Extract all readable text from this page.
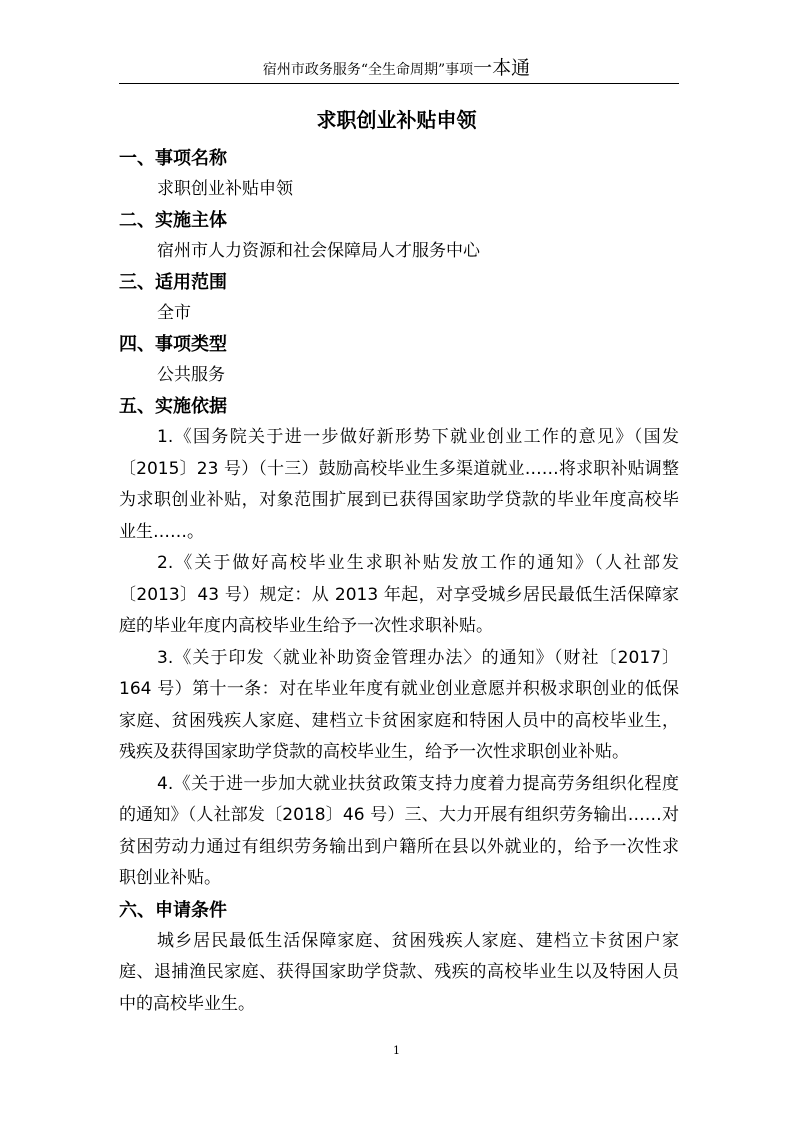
宿州市政务服务“全生命周期”事项一本通
求职创业补贴申领

一、事项名称

求职创业补贴申领

二、实施主体

宿州市人力资源和社会保障局人才服务中心

三、适用范围

全市

四、事项类型

公共服务

五、实施依据

1.《国务院关于进一步做好新形势下就业创业工作的意见》（国发〔2015〕23 号）（十三）鼓励高校毕业生多渠道就业……将求职补贴调整为求职创业补贴，对象范围扩展到已获得国家助学贷款的毕业年度高校毕业生……。

2.《关于做好高校毕业生求职补贴发放工作的通知》（人社部发〔2013〕43 号）规定：从 2013 年起，对享受城乡居民最低生活保障家庭的毕业年度内高校毕业生给予一次性求职补贴。

3.《关于印发〈就业补助资金管理办法〉的通知》（财社〔2017〕164 号）第十一条：对在毕业年度有就业创业意愿并积极求职创业的低保家庭、贫困残疾人家庭、建档立卡贫困家庭和特困人员中的高校毕业生，残疾及获得国家助学贷款的高校毕业生，给予一次性求职创业补贴。

4.《关于进一步加大就业扶贫政策支持力度着力提高劳务组织化程度的通知》（人社部发〔2018〕46 号）三、大力开展有组织劳务输出……对贫困劳动力通过有组织劳务输出到户籍所在县以外就业的，给予一次性求职创业补贴。

六、申请条件

城乡居民最低生活保障家庭、贫困残疾人家庭、建档立卡贫困户家庭、退捕渔民家庭、获得国家助学贷款、残疾的高校毕业生以及特困人员中的高校毕业生。

1
